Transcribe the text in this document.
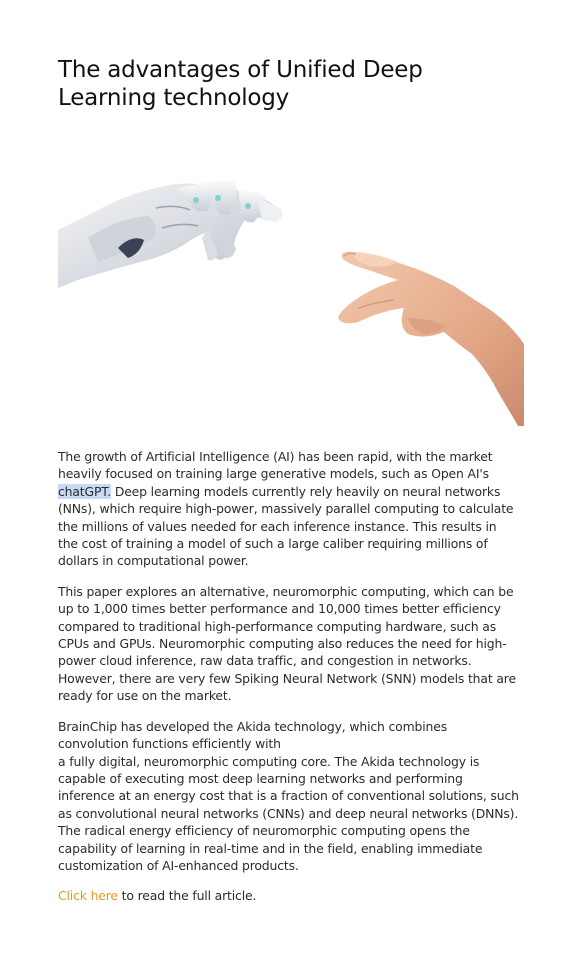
The advantages of Unified Deep Learning technology

The growth of Artificial Intelligence (AI) has been rapid, with the market heavily focused on training large generative models, such as Open AI's chatGPT. Deep learning models currently rely heavily on neural networks (NNs), which require high-power, massively parallel computing to calculate the millions of values needed for each inference instance. This results in the cost of training a model of such a large caliber requiring millions of dollars in computational power.

This paper explores an alternative, neuromorphic computing, which can be up to 1,000 times better performance and 10,000 times better efficiency compared to traditional high-performance computing hardware, such as CPUs and GPUs. Neuromorphic computing also reduces the need for high-power cloud inference, raw data traffic, and congestion in networks. However, there are very few Spiking Neural Network (SNN) models that are ready for use on the market.

BrainChip has developed the Akida technology, which combines convolution functions efficiently with
a fully digital, neuromorphic computing core. The Akida technology is capable of executing most deep learning networks and performing inference at an energy cost that is a fraction of conventional solutions, such as convolutional neural networks (CNNs) and deep neural networks (DNNs). The radical energy efficiency of neuromorphic computing opens the capability of learning in real-time and in the field, enabling immediate customization of AI-enhanced products.

Click here to read the full article.
